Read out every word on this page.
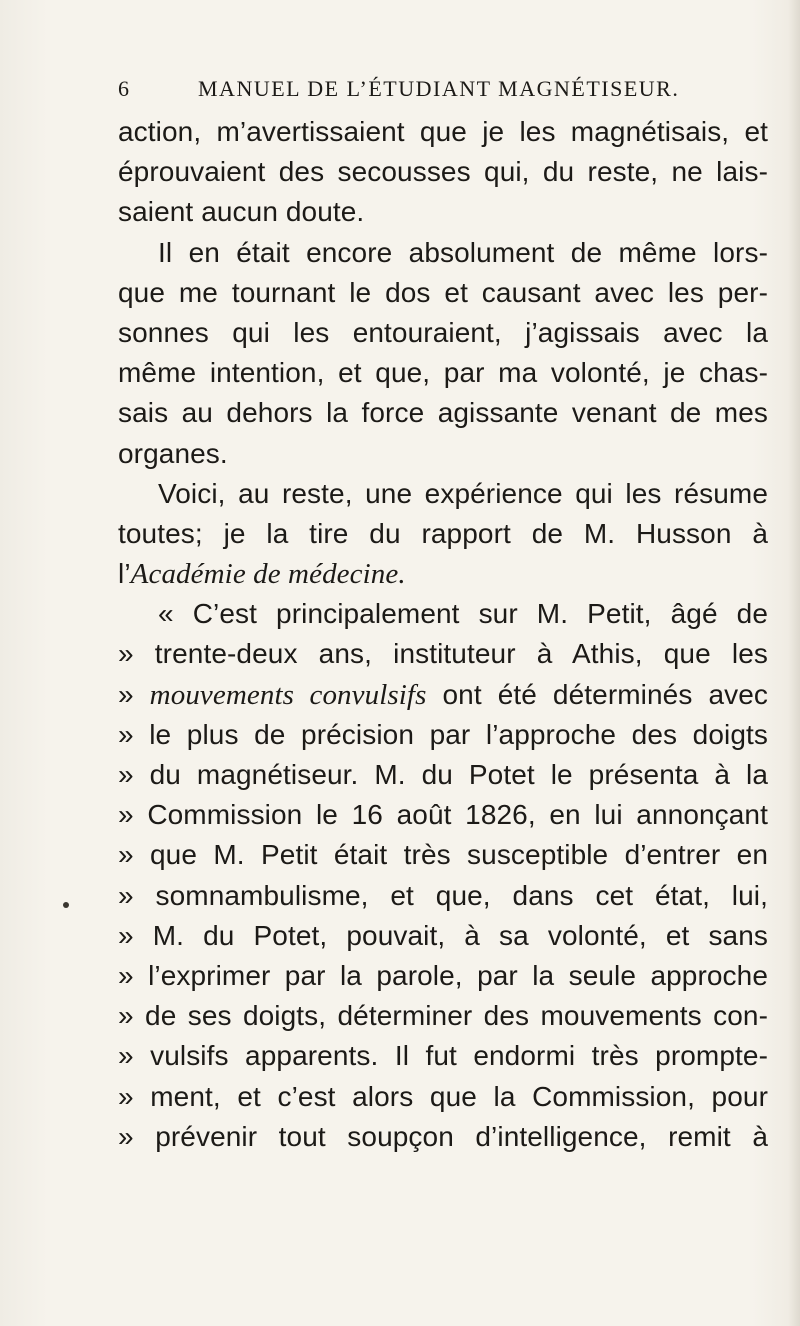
6	MANUEL DE L’ÉTUDIANT MAGNÉTISEUR.
action, m’avertissaient que je les magnétisais, et
éprouvaient des secousses qui, du reste, ne lais-
saient aucun doute.
Il en était encore absolument de même lors-
que me tournant le dos et causant avec les per-
sonnes qui les entouraient, j’agissais avec la
même intention, et que, par ma volonté, je chas-
sais au dehors la force agissante venant de mes
organes.
Voici, au reste, une expérience qui les résume
toutes; je la tire du rapport de M. Husson à
l’Académie de médecine.
« C’est principalement sur M. Petit, âgé de
» trente-deux ans, instituteur à Athis, que les
» mouvements convulsifs ont été déterminés avec
» le plus de précision par l’approche des doigts
» du magnétiseur. M. du Potet le présenta à la
» Commission le 16 août 1826, en lui annonçant
» que M. Petit était très susceptible d’entrer en
» somnambulisme, et que, dans cet état, lui,
» M. du Potet, pouvait, à sa volonté, et sans
» l’exprimer par la parole, par la seule approche
» de ses doigts, déterminer des mouvements con-
» vulsifs apparents. Il fut endormi très prompte-
» ment, et c’est alors que la Commission, pour
» prévenir tout soupçon d’intelligence, remit à
